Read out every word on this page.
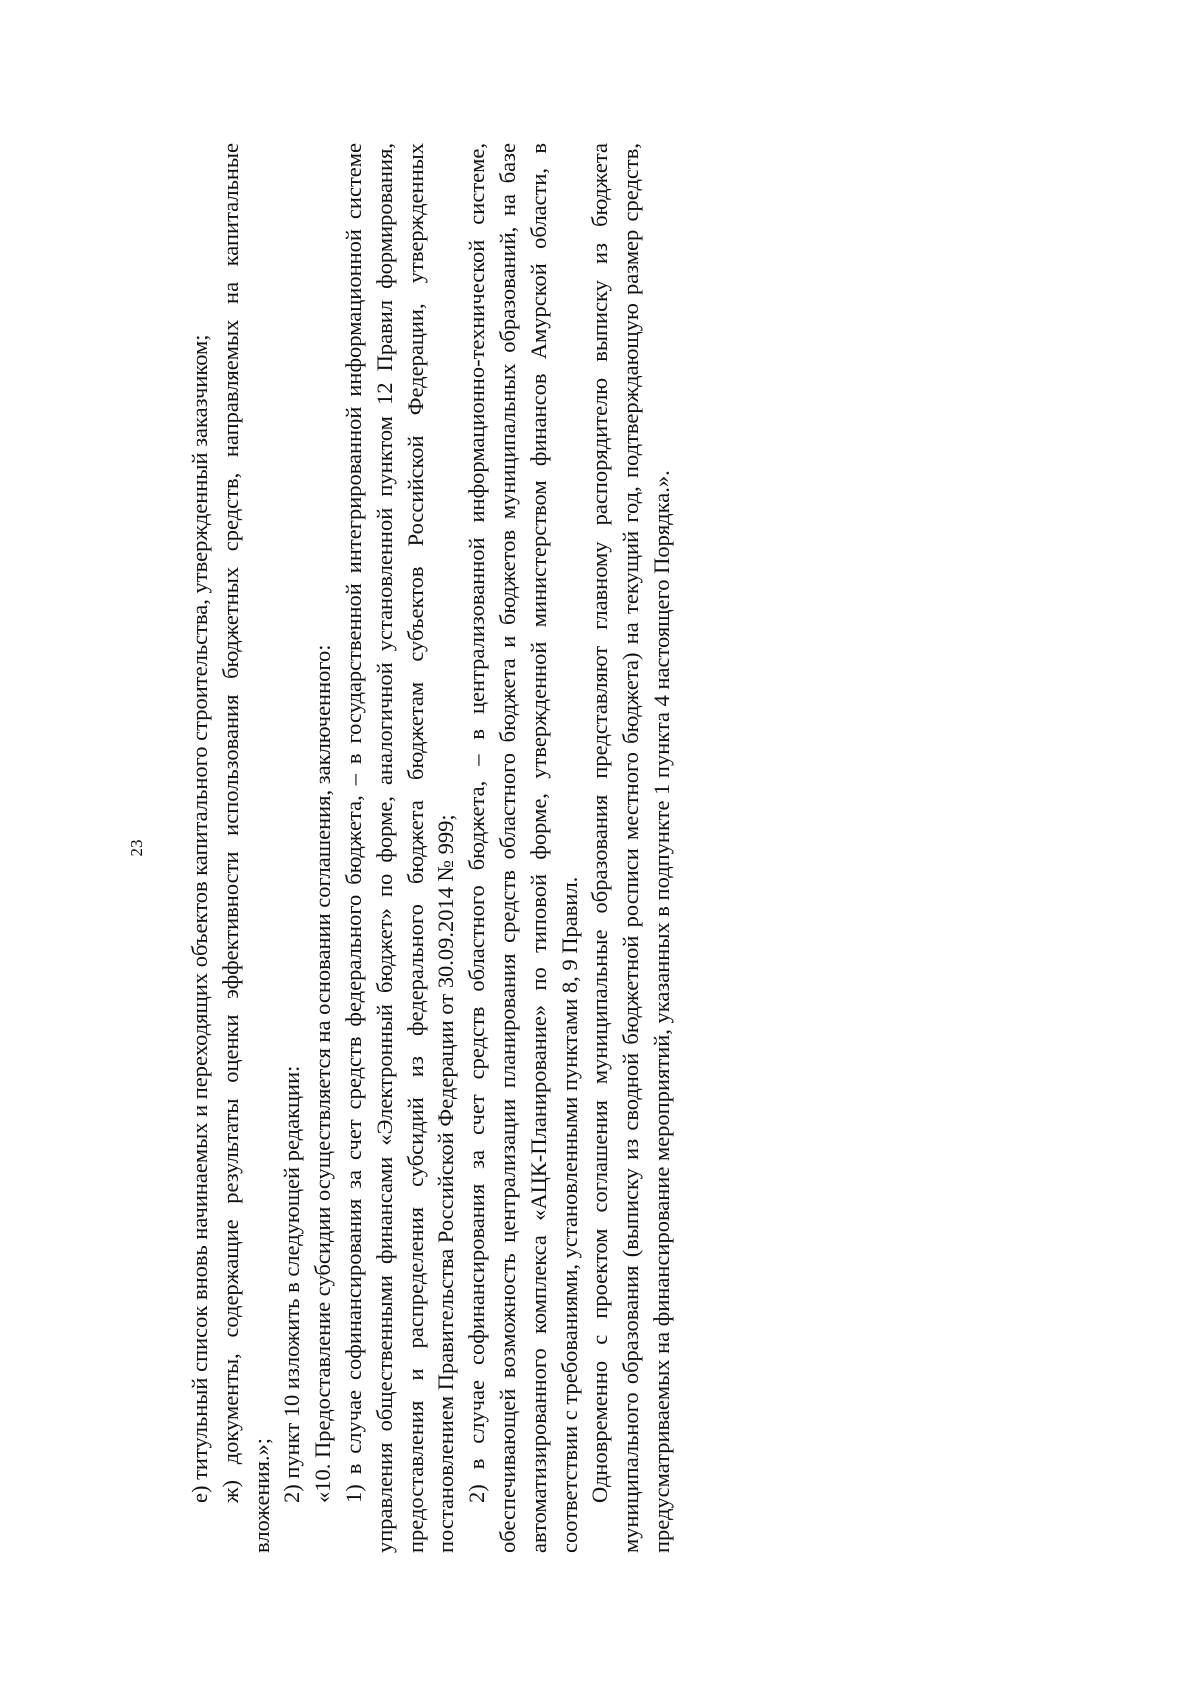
23 е) титульный список вновь начинаемых и переходящих объектов капитального строительства, утвержденный заказчиком; ж) документы, содержащие результаты оценки эффективности использования бюджетных средств, направляемых на капитальные вложения.»; 2) пункт 10 изложить в следующей редакции: «10. Предоставление субсидии осуществляется на основании соглашения, заключенного: 1) в случае софинансирования за счет средств федерального бюджета, – в государственной интегрированной информационной системе управления общественными финансами «Электронный бюджет» по форме, аналогичной установленной пунктом 12 Правил формирования, предоставления и распределения субсидий из федерального бюджета бюджетам субъектов Российской Федерации, утвержденных постановлением Правительства Российской Федерации от 30.09.2014 № 999; 2) в случае софинансирования за счет средств областного бюджета, – в централизованной информационно-технической системе, обеспечивающей возможность централизации планирования средств областного бюджета и бюджетов муниципальных образований, на базе автоматизированного комплекса «АЦК-Планирование» по типовой форме, утвержденной министерством финансов Амурской области, в соответствии с требованиями, установленными пунктами 8, 9 Правил. Одновременно с проектом соглашения муниципальные образования представляют главному распорядителю выписку из бюджета муниципального образования (выписку из сводной бюджетной росписи местного бюджета) на текущий год, подтверждающую размер средств, предусматриваемых на финансирование мероприятий, указанных в подпункте 1 пункта 4 настоящего Порядка.».
